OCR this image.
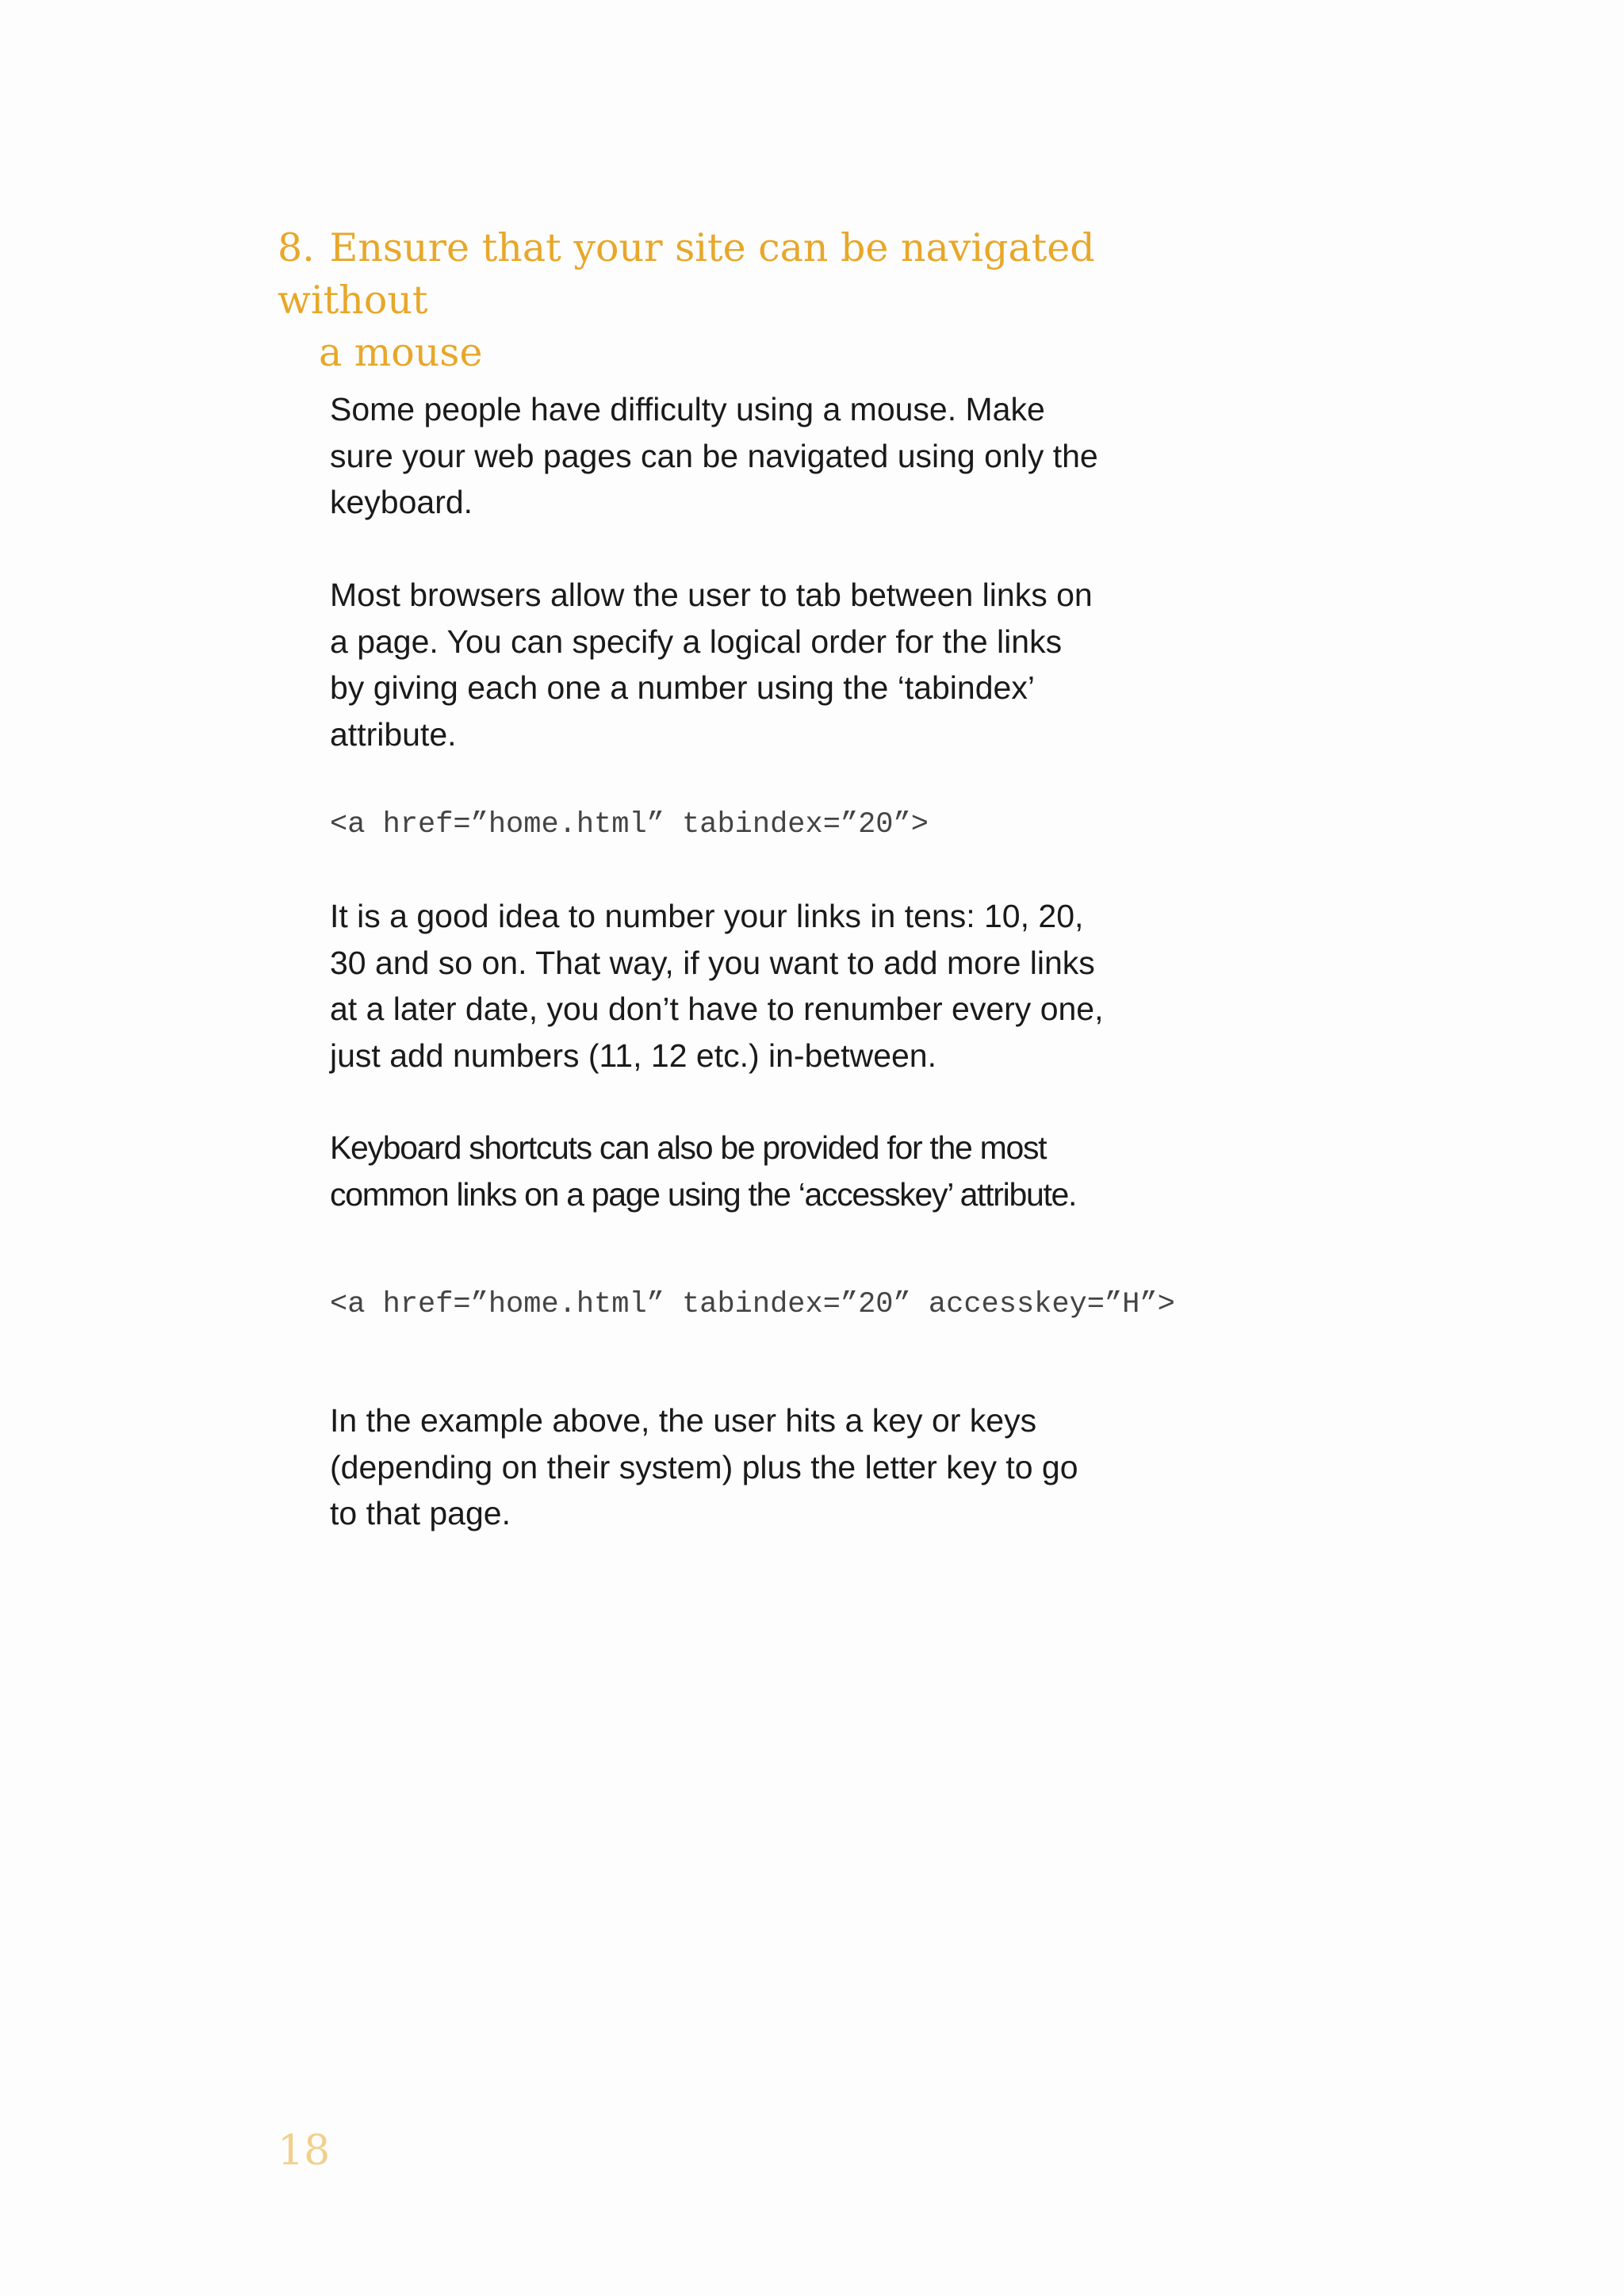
8. Ensure that your site can be navigated without
a mouse

Some people have difficulty using a mouse. Make
sure your web pages can be navigated using only the
keyboard.

Most browsers allow the user to tab between links on
a page. You can specify a logical order for the links
by giving each one a number using the ‘tabindex’
attribute.

<a href=”home.html” tabindex=”20”>

It is a good idea to number your links in tens: 10, 20,
30 and so on. That way, if you want to add more links
at a later date, you don’t have to renumber every one,
just add numbers (11, 12 etc.) in-between.

Keyboard shortcuts can also be provided for the most
common links on a page using the ‘accesskey’ attribute.

<a href=”home.html” tabindex=”20” accesskey=”H”>

In the example above, the user hits a key or keys
(depending on their system) plus the letter key to go
to that page.

18
